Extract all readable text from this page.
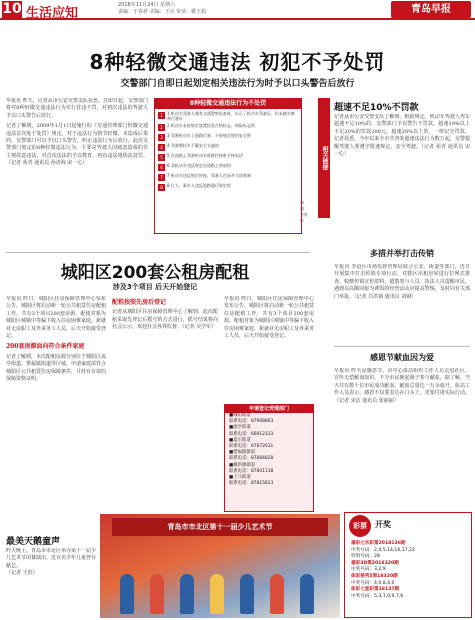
10 生活应知
2018年11月24日 星期六
责编：于春祥 美编：王亮 审读：姚玉娟	青岛早报
8种轻微交通违法 初犯不予处罚
交警部门自即日起划定相关违法行为时予以口头警告后放行

早报讯 昨天，记者从市公安交警支队获悉，自即日起，交警部门将对8种轻微交通违法行为实行首违不罚，对初次违法的驾驶人予以口头警告后放行。

记者了解到，2009年1月1日起施行的《交通管理部门轻微交通违法首次免于处罚》规定，对于违法行为情节轻微、未造成后果的，交警部门可以予以口头警告，纠正违法行为后放行。此次交警部门划定的8种轻微违法行为，主要是驾驶人因疏忽造成的非主观故意违法，对首次违法的予以教育，再次违法将依法处罚。（记者 苑青 通讯员 孙清海 宋一心）

8种轻微交通违法行为不处罚
1	1 机动车驾驶人遇有交通警察检查时，出示了机动车驾驶证，但未随车携带行驶证
2	2 机动车未按规定放置检验合格标志、保险标志的
3	3 驾驶机动车上道路行驶，不按规定使用安全带
4	4 驾驶摩托车不戴安全头盔的
5	5 在道路上驾驶机动车时拨打接听手持电话
6	6 非机动车违反规定在道路上停放的
7	7 机动车违反规定停放，驾驶人在场并立即驶离
8	8 行人、乘车人违反道路通行规定的
制图：宋维维
相关链接
超速不足10%不罚款
记者从市公安交警支队了解到，根据规定，机动车驾驶人驾车超速不足10%的，交警部门予以警告不罚款。超速10%以上不足20%的罚款200元。超速20%以上的，一律记分罚款。记者获悉，今年以来全市共查处超速违法行为数万起，交警提醒驾驶人要遵守限速规定，安全驾驶。（记者 苑青 通讯员 宋一心）
城阳区200套公租房配租
涉及3个项目 后天开始登记

早报讯 昨日，城阳区住房保障管理中心发布公告，城阳区将启动新一轮公共租赁住房配租工作，共有3个项目200套房源，配租对象为城阳区城镇中等偏下收入住房困难家庭、新就业无房职工及外来务工人员，后天开始接受登记。

200套房源面向符合条件家庭

记者了解到，本次配租房源分别位于城阳区流亭街道、惜福镇街道等区域。申请家庭需符合城阳区公共租赁住房保障条件，并持有有效的保障资格证明。

配租按照先房后登记

记者从城阳区住房保障管理中心了解到，此次配租采取先登记后摇号的方式进行，摇号结果将向社会公示，欢迎社会各界监督。（记者 吴学军）

早报讯 昨日，城阳区住房保障管理中心发布公告，城阳区将启动新一轮公共租赁住房配租工作，共有3个项目200套房源，配租对象为城阳区城镇中等偏下收入住房困难家庭、新就业无房职工及外来务工人员，后天开始接受登记。
申请登记受理部门
■城阳街道
联系电话：87908863
■流亭街道
联系电话：66912333
■夏庄街道
联系电话：87872631
■惜福镇街道
联系电话：87884828
■棘洪滩街道
联系电话：87801138
■上马街道
联系电话：87815823
多措并举打击传销
早报讯 李沧区市场监督管理局联合公安、街道等部门，近日开展集中打击传销专项行动，对辖区出租房屋进行拉网式排查，收缴传销宣传资料，遣散参与人员。执法人员提醒市民，遇到以高额回报为诱饵的经营活动应提高警惕，及时向有关部门举报。（记者 吕洪钢 通讯员 刘钢）
感恩节献血因为爱
早报讯 昨天是感恩节，市中心血站组织工作人员走进社区，宣传无偿献血知识，不少市民挽起袖子参与献血。据了解，当天共有数十位市民成功献血，献血总量达一万余毫升。血站工作人员表示，感恩不仅要表达在口头上，更要付诸实际行动。（记者 宋洁 通讯员 张丽丽）
彩票	开奖
福彩七乐彩第2018136期
中奖号码：2,4,5,14,16,17,22
特别号码：28
福彩3D第2018320期
中奖号码：3,2,9
体彩排列5第18320期
中奖号码：4,0,8,4,0
体彩七星彩第18137期
中奖号码：5,3,1,0,9,7,6
最美天鹅童声

昨天晚上，青岛市市北区举办第十一届少儿艺术节闭幕演出，近百名少年儿童登台献艺。

（记者 王滨）

青岛市市北区第十一届少儿艺术节
